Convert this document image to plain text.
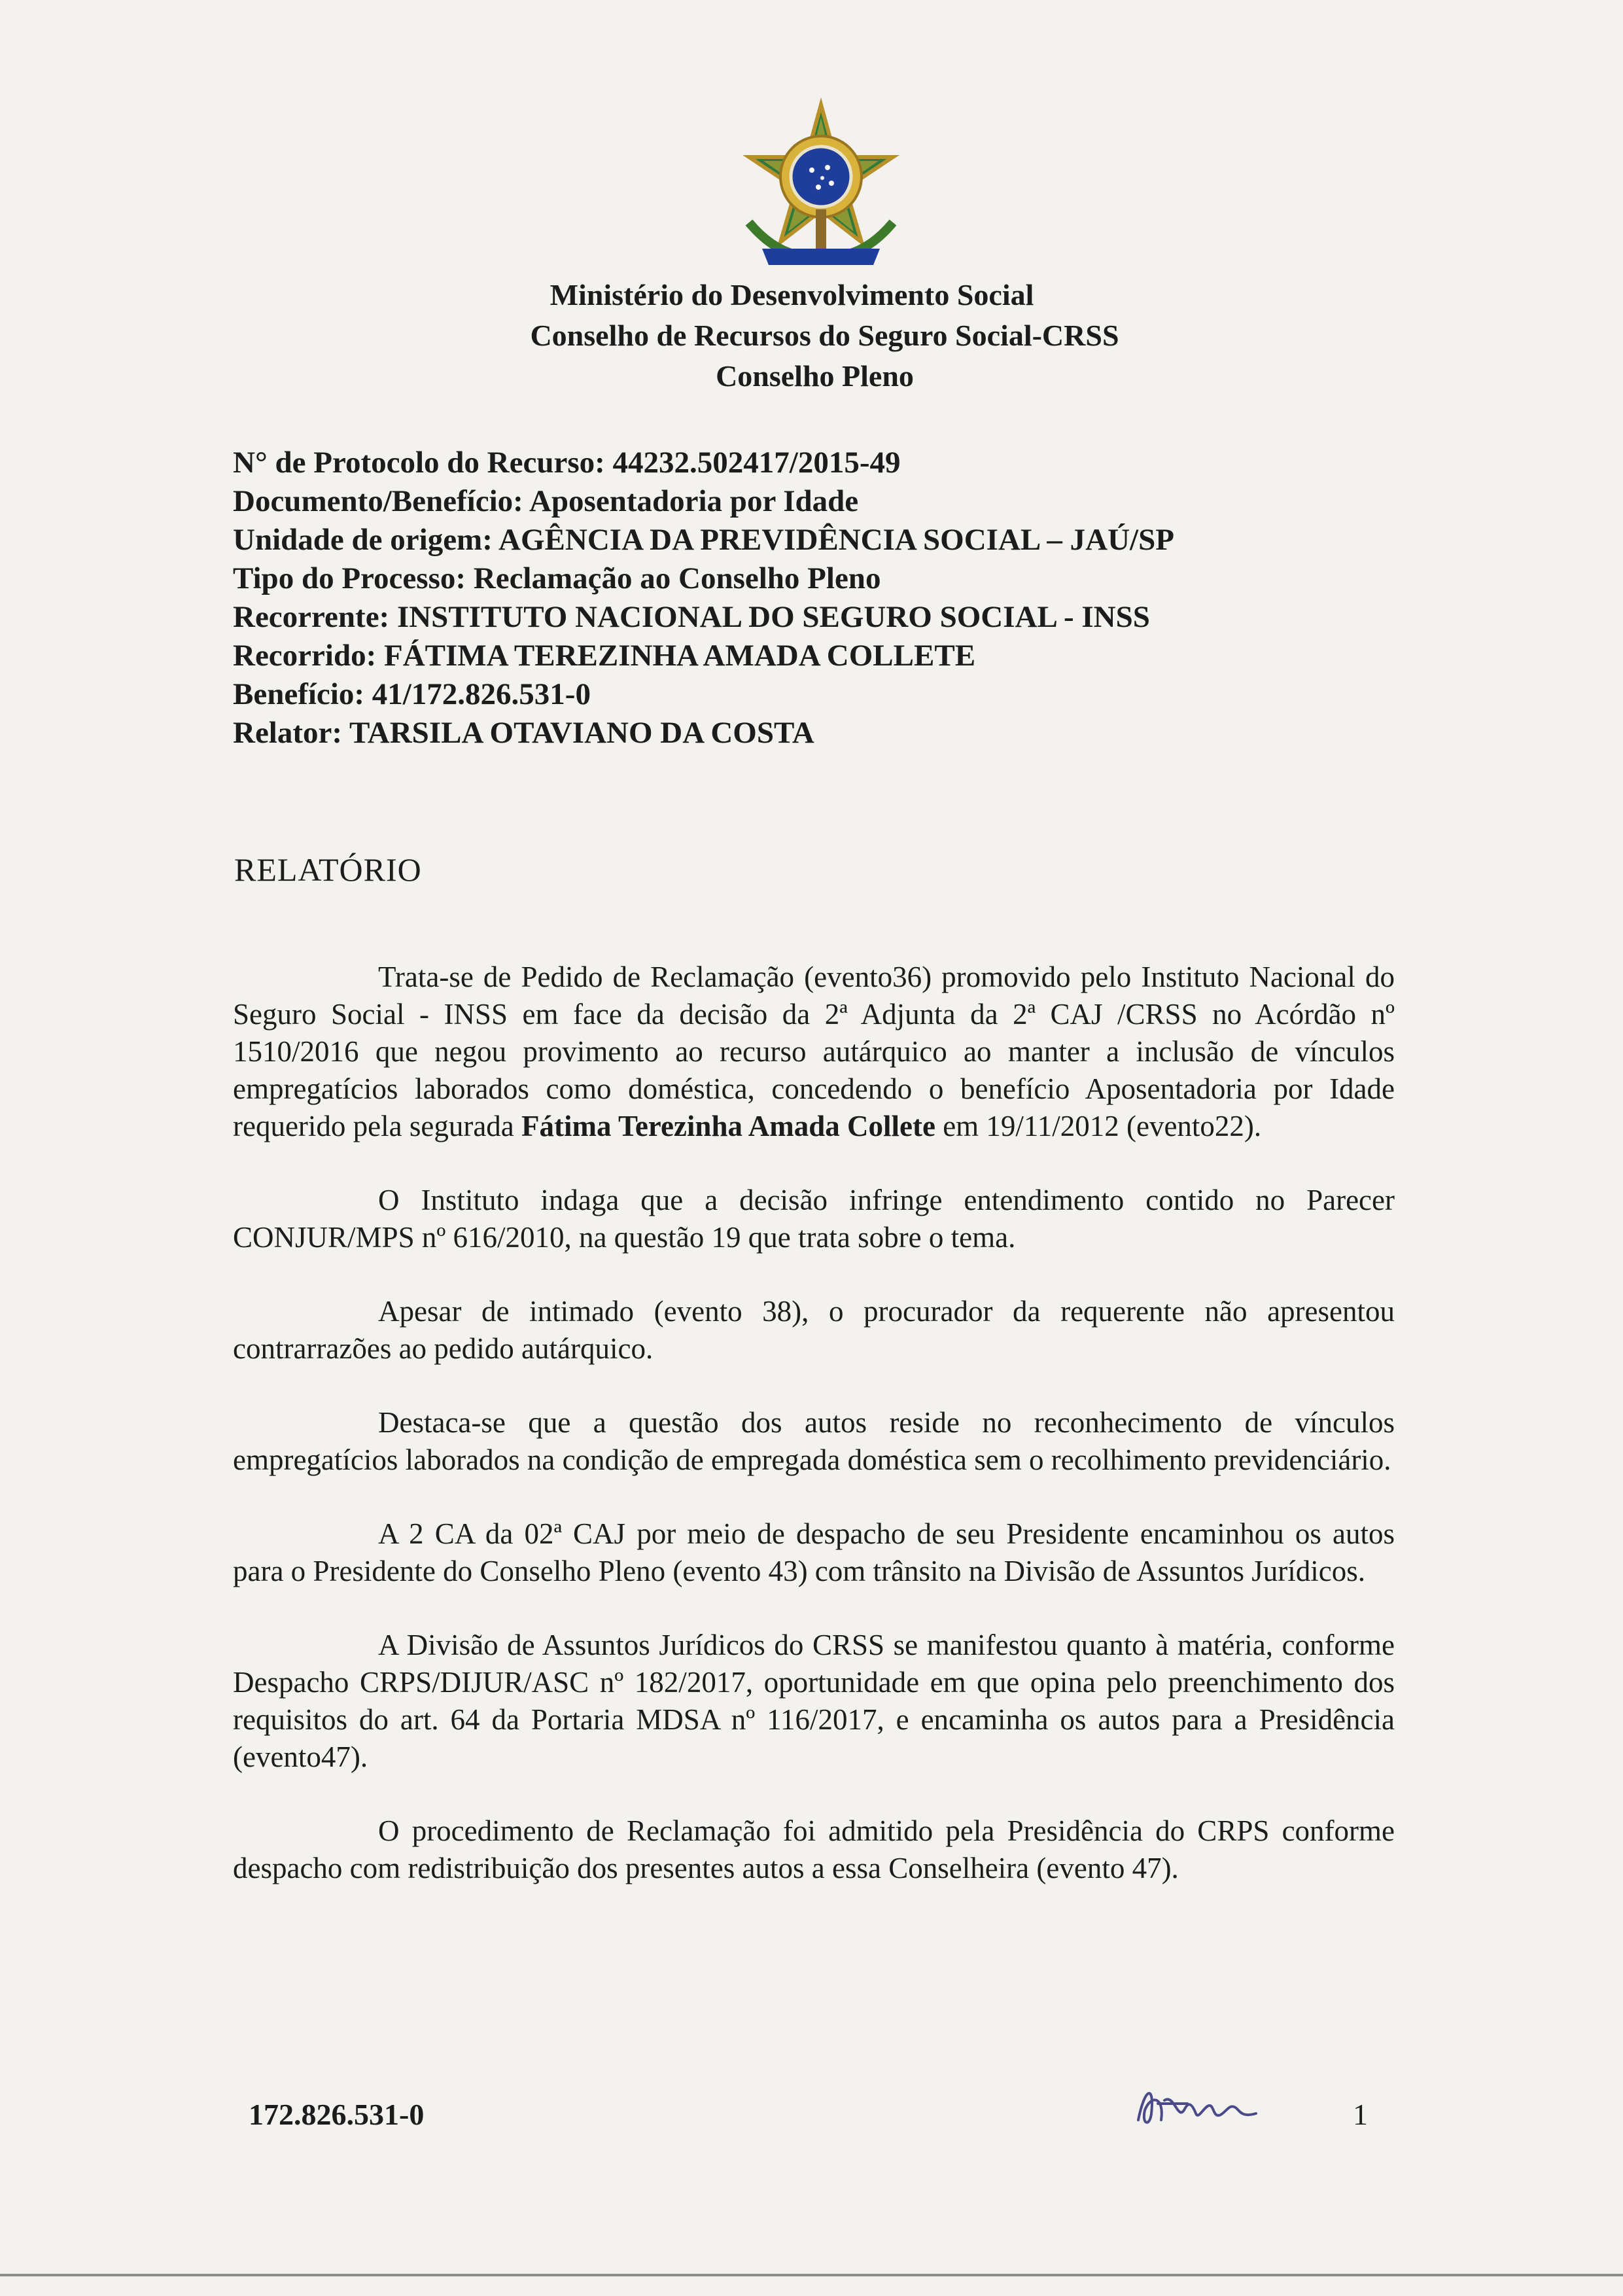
Ministério do Desenvolvimento Social
Conselho de Recursos do Seguro Social-CRSS
Conselho Pleno
N° de Protocolo do Recurso: 44232.502417/2015-49
Documento/Benefício: Aposentadoria por Idade
Unidade de origem: AGÊNCIA DA PREVIDÊNCIA SOCIAL – JAÚ/SP
Tipo do Processo: Reclamação ao Conselho Pleno
Recorrente: INSTITUTO NACIONAL DO SEGURO SOCIAL - INSS
Recorrido: FÁTIMA TEREZINHA AMADA COLLETE
Benefício: 41/172.826.531-0
Relator: TARSILA OTAVIANO DA COSTA
RELATÓRIO

Trata-se de Pedido de Reclamação (evento36) promovido pelo Instituto Nacional do Seguro Social - INSS em face da decisão da 2ª Adjunta da 2ª CAJ /CRSS no Acórdão nº 1510/2016 que negou provimento ao recurso autárquico ao manter a inclusão de vínculos empregatícios laborados como doméstica, concedendo o benefício Aposentadoria por Idade requerido pela segurada Fátima Terezinha Amada Collete em 19/11/2012 (evento22).

O Instituto indaga que a decisão infringe entendimento contido no Parecer CONJUR/MPS nº 616/2010, na questão 19 que trata sobre o tema.

Apesar de intimado (evento 38), o procurador da requerente não apresentou contrarrazões ao pedido autárquico.

Destaca-se que a questão dos autos reside no reconhecimento de vínculos empregatícios laborados na condição de empregada doméstica sem o recolhimento previdenciário.

A 2 CA da 02ª CAJ por meio de despacho de seu Presidente encaminhou os autos para o Presidente do Conselho Pleno (evento 43) com trânsito na Divisão de Assuntos Jurídicos.

A Divisão de Assuntos Jurídicos do CRSS se manifestou quanto à matéria, conforme Despacho CRPS/DIJUR/ASC nº 182/2017, oportunidade em que opina pelo preenchimento dos requisitos do art. 64 da Portaria MDSA nº 116/2017, e encaminha os autos para a Presidência (evento47).

O procedimento de Reclamação foi admitido pela Presidência do CRPS conforme despacho com redistribuição dos presentes autos a essa Conselheira (evento 47).

172.826.531-0	1
